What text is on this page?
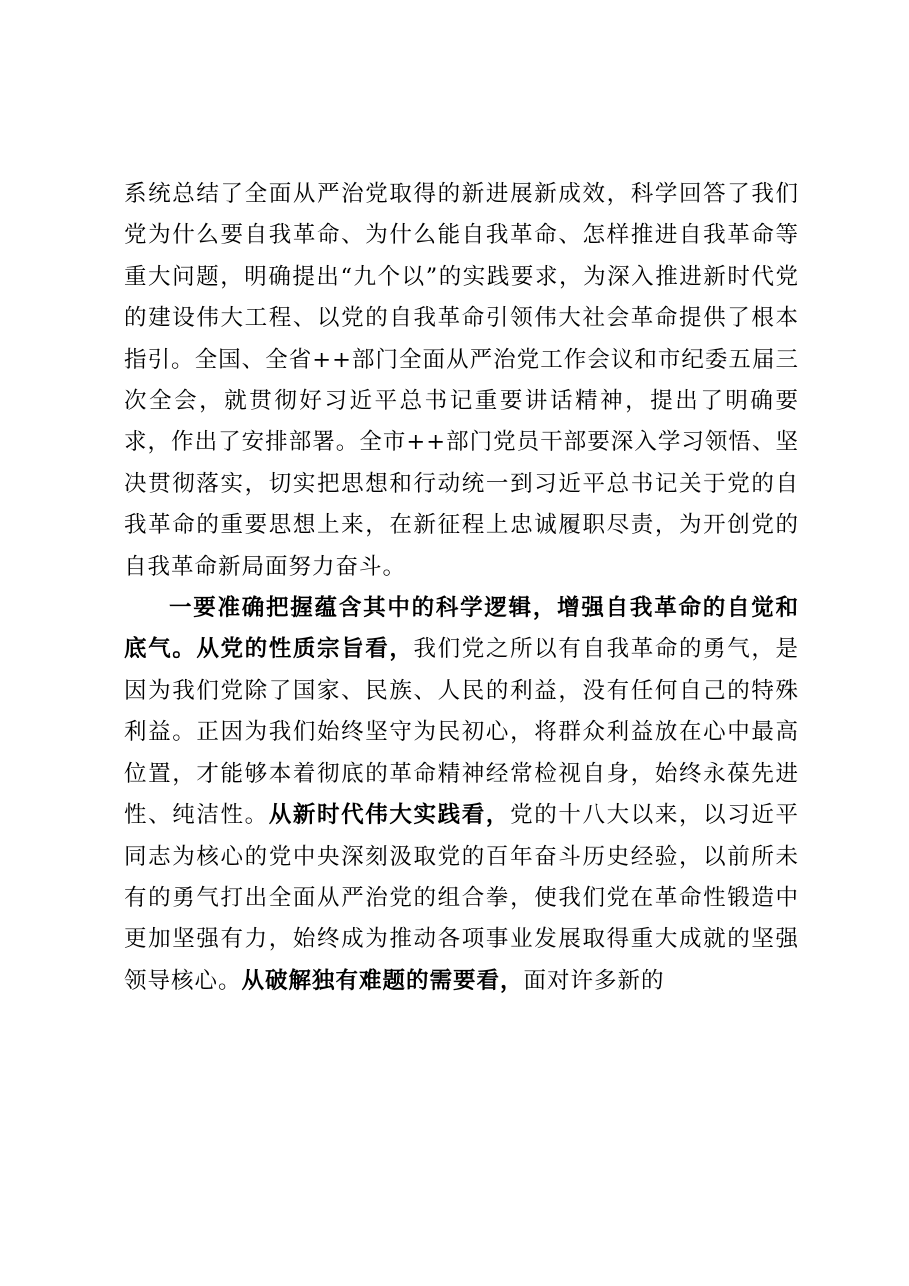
系统总结了全面从严治党取得的新进展新成效，科学回答了我们党为什么要自我革命、为什么能自我革命、怎样推进自我革命等重大问题，明确提出“九个以”的实践要求，为深入推进新时代党的建设伟大工程、以党的自我革命引领伟大社会革命提供了根本指引。全国、全省++部门全面从严治党工作会议和市纪委五届三次全会，就贯彻好习近平总书记重要讲话精神，提出了明确要求，作出了安排部署。全市++部门党员干部要深入学习领悟、坚决贯彻落实，切实把思想和行动统一到习近平总书记关于党的自我革命的重要思想上来，在新征程上忠诚履职尽责，为开创党的自我革命新局面努力奋斗。

一要准确把握蕴含其中的科学逻辑，增强自我革命的自觉和底气。从党的性质宗旨看，我们党之所以有自我革命的勇气，是因为我们党除了国家、民族、人民的利益，没有任何自己的特殊利益。正因为我们始终坚守为民初心，将群众利益放在心中最高位置，才能够本着彻底的革命精神经常检视自身，始终永葆先进性、纯洁性。从新时代伟大实践看，党的十八大以来，以习近平同志为核心的党中央深刻汲取党的百年奋斗历史经验，以前所未有的勇气打出全面从严治党的组合拳，使我们党在革命性锻造中更加坚强有力，始终成为推动各项事业发展取得重大成就的坚强领导核心。从破解独有难题的需要看，面对许多新的
